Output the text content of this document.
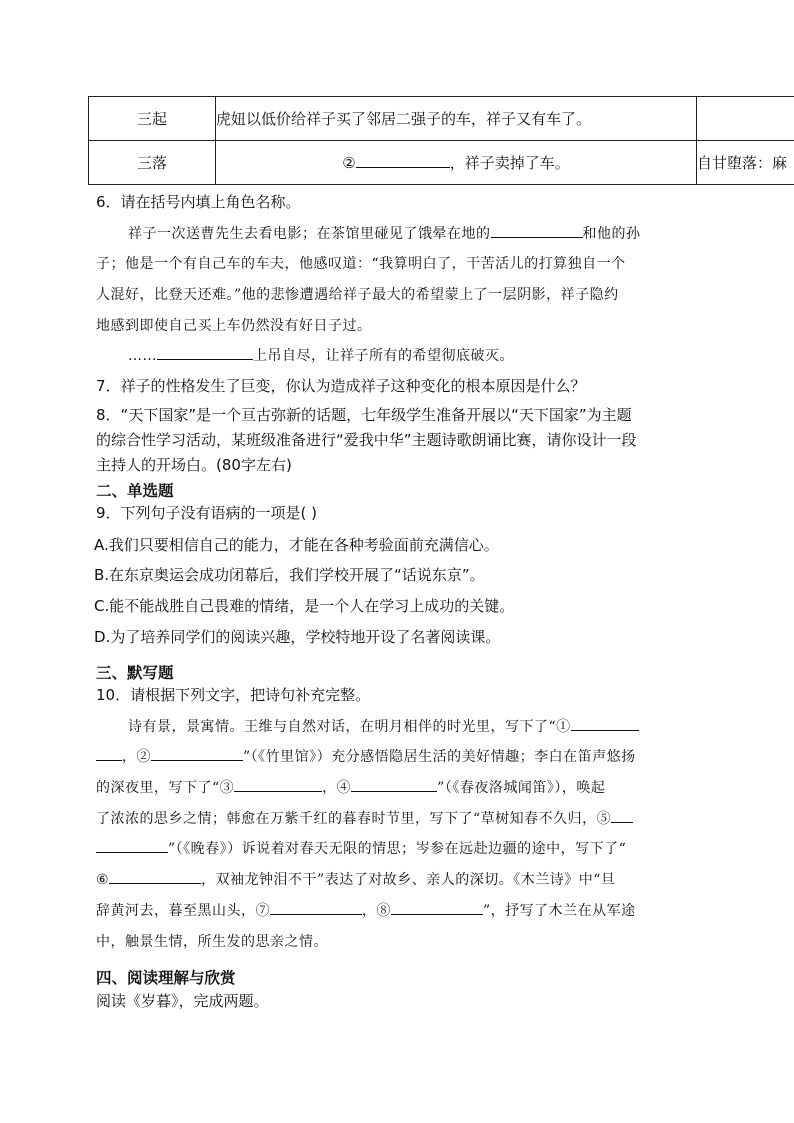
三起	虎妞以低价给祥子买了邻居二强子的车，祥子又有车了。	
三落	② ，祥子卖掉了车。	自甘堕落：麻
6．请在括号内填上角色名称。
祥子一次送曹先生去看电影；在茶馆里碰见了饿晕在地的	和他的孙
子；他是一个有自己车的车夫，他感叹道：“我算明白了，干苦活儿的打算独自一个
人混好，比登天还难。”他的悲惨遭遇给祥子最大的希望蒙上了一层阴影，祥子隐约
地感到即使自己买上车仍然没有好日子过。
……	上吊自尽，让祥子所有的希望彻底破灭。
7．祥子的性格发生了巨变，你认为造成祥子这种变化的根本原因是什么？
8．“天下国家”是一个亘古弥新的话题，七年级学生准备开展以“天下国家”为主题
的综合性学习活动，某班级准备进行“爱我中华”主题诗歌朗诵比赛，请你设计一段
主持人的开场白。(80字左右)
二、单选题
9．下列句子没有语病的一项是( )
A.我们只要相信自己的能力，才能在各种考验面前充满信心。
B.在东京奥运会成功闭幕后，我们学校开展了“话说东京”。
C.能不能战胜自己畏难的情绪，是一个人在学习上成功的关键。
D.为了培养同学们的阅读兴趣，学校特地开设了名著阅读课。
三、默写题
10．请根据下列文字，把诗句补充完整。
诗有景，景寓情。王维与自然对话，在明月相伴的时光里，写下了“①
，②	”（《竹里馆》）充分感悟隐居生活的美好情趣；李白在笛声悠扬
的深夜里，写下了“③	，④	”（《春夜洛城闻笛》），唤起
了浓浓的思乡之情；韩愈在万紫千红的暮春时节里，写下了“草树知春不久归，⑤
”（《晚春》）诉说着对春天无限的情思；岑参在远赴边疆的途中，写下了“
⑥	，双袖龙钟泪不干”表达了对故乡、亲人的深切。《木兰诗》中“旦
辞黄河去，暮至黑山头，⑦	，⑧	”，抒写了木兰在从军途
中，触景生情，所生发的思亲之情。
四、阅读理解与欣赏
阅读《岁暮》，完成两题。
